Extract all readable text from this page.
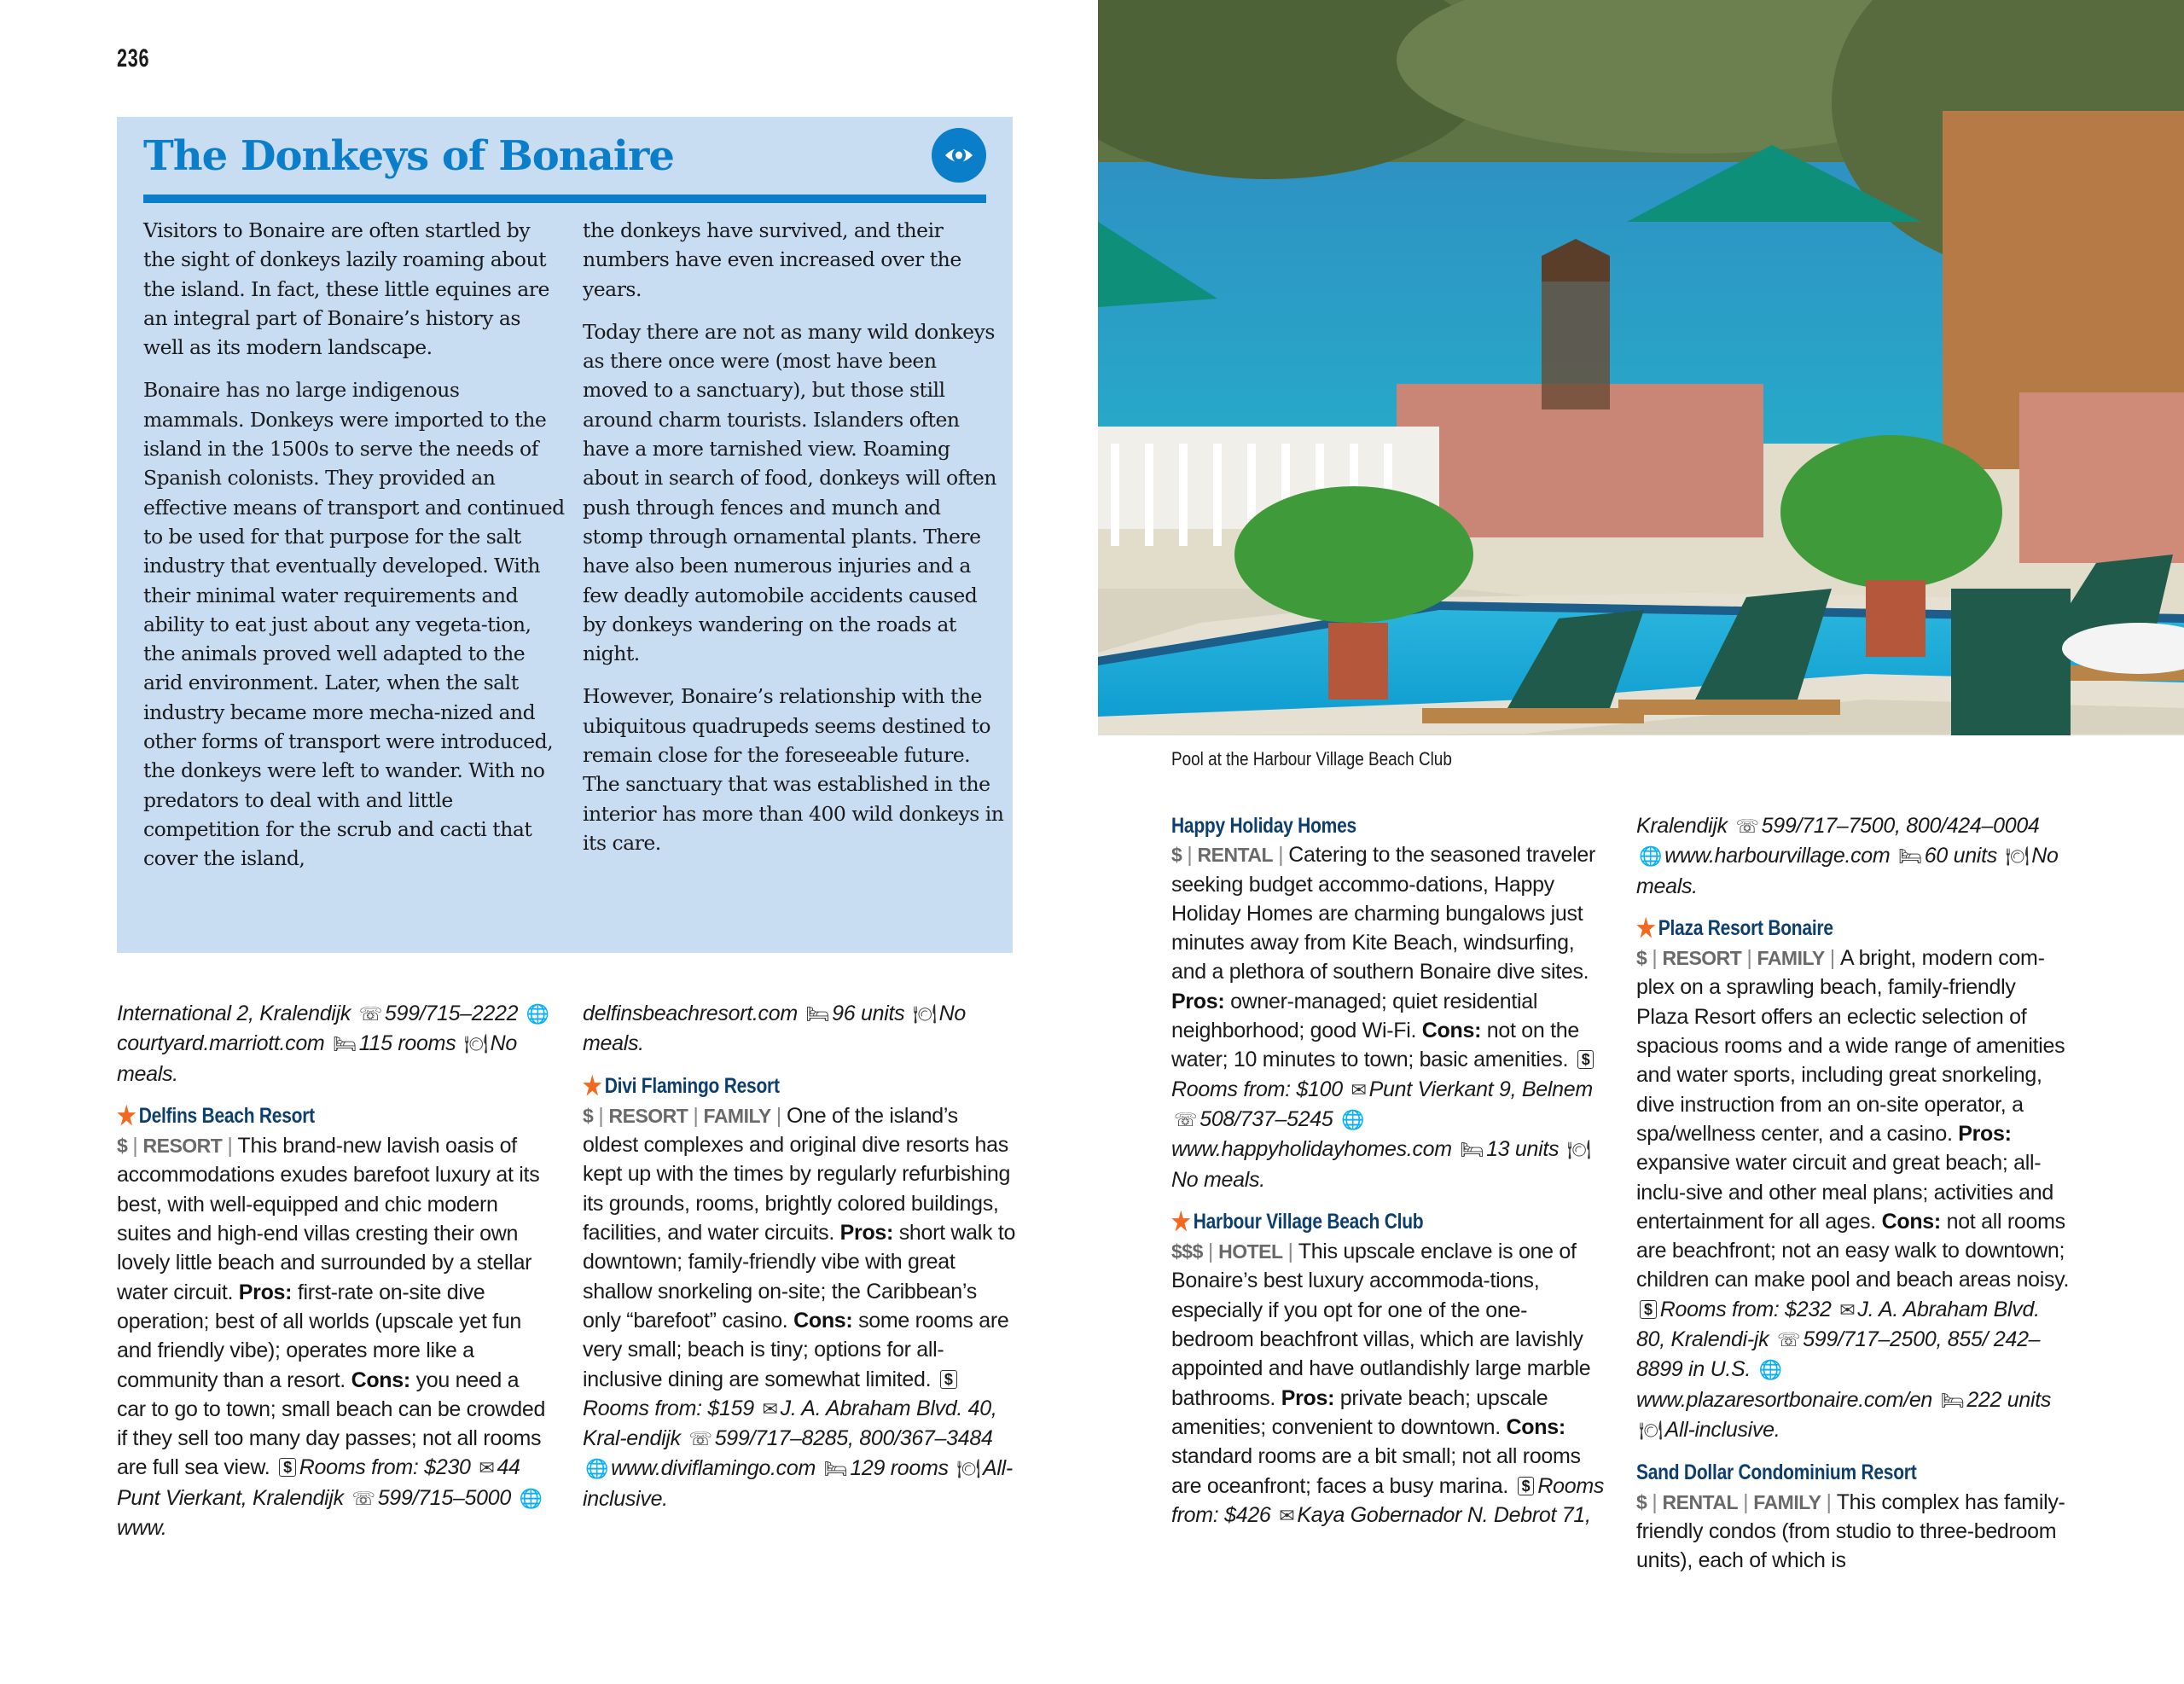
236
The Donkeys of Bonaire

Visitors to Bonaire are often startled by the sight of donkeys lazily roaming about the island. In fact, these little equines are an integral part of Bonaire’s history as well as its modern landscape.

Bonaire has no large indigenous mammals. Donkeys were imported to the island in the 1500s to serve the needs of Spanish colonists. They provided an effective means of transport and continued to be used for that purpose for the salt industry that eventually developed. With their minimal water requirements and ability to eat just about any vegeta-tion, the animals proved well adapted to the arid environment. Later, when the salt industry became more mecha-nized and other forms of transport were introduced, the donkeys were left to wander. With no predators to deal with and little competition for the scrub and cacti that cover the island,

the donkeys have survived, and their numbers have even increased over the years.

Today there are not as many wild donkeys as there once were (most have been moved to a sanctuary), but those still around charm tourists. Islanders often have a more tarnished view. Roaming about in search of food, donkeys will often push through fences and munch and stomp through ornamental plants. There have also been numerous injuries and a few deadly automobile accidents caused by donkeys wandering on the roads at night.

However, Bonaire’s relationship with the ubiquitous quadrupeds seems destined to remain close for the foreseeable future. The sanctuary that was established in the interior has more than 400 wild donkeys in its care.

Pool at the Harbour Village Beach Club
International 2, Kralendijk ☏ 599/715–2222 🌐courtyard.marriott.com 🛏 115 rooms 🍽 No meals.
★ Delfins Beach Resort
$ | RESORT | This brand-new lavish oasis of accommodations exudes barefoot luxury at its best, with well-equipped and chic modern suites and high-end villas cresting their own lovely little beach and surrounded by a stellar water circuit. Pros: first-rate on-site dive operation; best of all worlds (upscale yet fun and friendly vibe); operates more like a community than a resort. Cons: you need a car to go to town; small beach can be crowded if they sell too many day passes; not all rooms are full sea view. $ Rooms from: $230 ✉ 44 Punt Vierkant, Kralendijk ☏ 599/715–5000 🌐www.
delfinsbeachresort.com 🛏 96 units 🍽 No meals.
★ Divi Flamingo Resort
$ | RESORT | FAMILY | One of the island’s oldest complexes and original dive resorts has kept up with the times by regularly refurbishing its grounds, rooms, brightly colored buildings, facilities, and water circuits. Pros: short walk to downtown; family-friendly vibe with great shallow snorkeling on-site; the Caribbean’s only “barefoot” casino. Cons: some rooms are very small; beach is tiny; options for all-inclusive dining are somewhat limited. $Rooms from: $159 ✉ J. A. Abraham Blvd. 40, Kral-endijk ☏ 599/717–8285, 800/367–3484 🌐 www.diviflamingo.com 🛏 129 rooms 🍽 All-inclusive.
Happy Holiday Homes
$ | RENTAL | Catering to the seasoned traveler seeking budget accommo-dations, Happy Holiday Homes are charming bungalows just minutes away from Kite Beach, windsurfing, and a plethora of southern Bonaire dive sites. Pros: owner-managed; quiet residential neighborhood; good Wi-Fi. Cons: not on the water; 10 minutes to town; basic amenities. $Rooms from: $100 ✉ Punt Vierkant 9, Belnem ☏ 508/737–5245 🌐www.happyholidayhomes.com 🛏 13 units 🍽No meals.
★ Harbour Village Beach Club
$$$ | HOTEL | This upscale enclave is one of Bonaire’s best luxury accommoda-tions, especially if you opt for one of the one-bedroom beachfront villas, which are lavishly appointed and have outlandishly large marble bathrooms. Pros: private beach; upscale amenities; convenient to downtown. Cons: standard rooms are a bit small; not all rooms are oceanfront; faces a busy marina. $ Rooms from: $426 ✉ Kaya Gobernador N. Debrot 71,
Kralendijk ☏ 599/717–7500, 800/424–0004 🌐 www.harbourvillage.com 🛏 60 units 🍽 No meals.
★ Plaza Resort Bonaire
$ | RESORT | FAMILY | A bright, modern com-plex on a sprawling beach, family-friendly Plaza Resort offers an eclectic selection of spacious rooms and a wide range of amenities and water sports, including great snorkeling, dive instruction from an on-site operator, a spa/wellness center, and a casino. Pros: expansive water circuit and great beach; all-inclu-sive and other meal plans; activities and entertainment for all ages. Cons: not all rooms are beachfront; not an easy walk to downtown; children can make pool and beach areas noisy. $ Rooms from: $232 ✉ J. A. Abraham Blvd. 80, Kralendi-jk ☏ 599/717–2500, 855/ 242–8899 in U.S. 🌐www.plazaresortbonaire.com/en 🛏 222 units 🍽 All-inclusive.
Sand Dollar Condominium Resort
$ | RENTAL | FAMILY | This complex has family-friendly condos (from studio to three-bedroom units), each of which is
